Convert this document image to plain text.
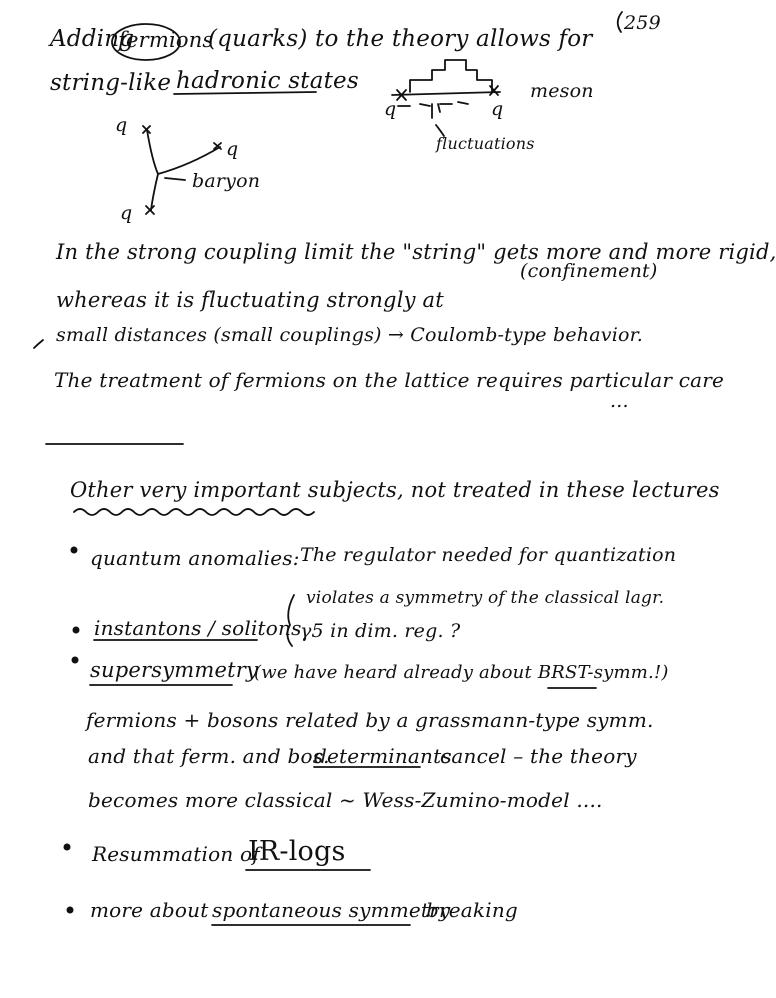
259
Adding
fermions
(quarks) to the theory allows for
string-like hadronic states
q
q
q
baryon
q	q
meson
fluctuations
In the strong coupling limit the "string" gets more and more rigid,
(confinement)
whereas it is fluctuating strongly at
small distances (small couplings) → Coulomb-type behavior.
The treatment of fermions on the lattice requires particular care
...
Other very important subjects, not treated in these lectures
quantum anomalies: The regulator needed for quantization
violates a symmetry of the classical lagr.
instantons / solitons
γ5 in dim. reg. ?
supersymmetry
(we have heard already about BRST-symm.!)
fermions + bosons related by a grassmann-type symm.
and that ferm. and bos.
determinants
cancel – the theory
becomes more classical ~ Wess-Zumino-model ....
Resummation of
IR-logs
more about spontaneous symmetry
breaking
